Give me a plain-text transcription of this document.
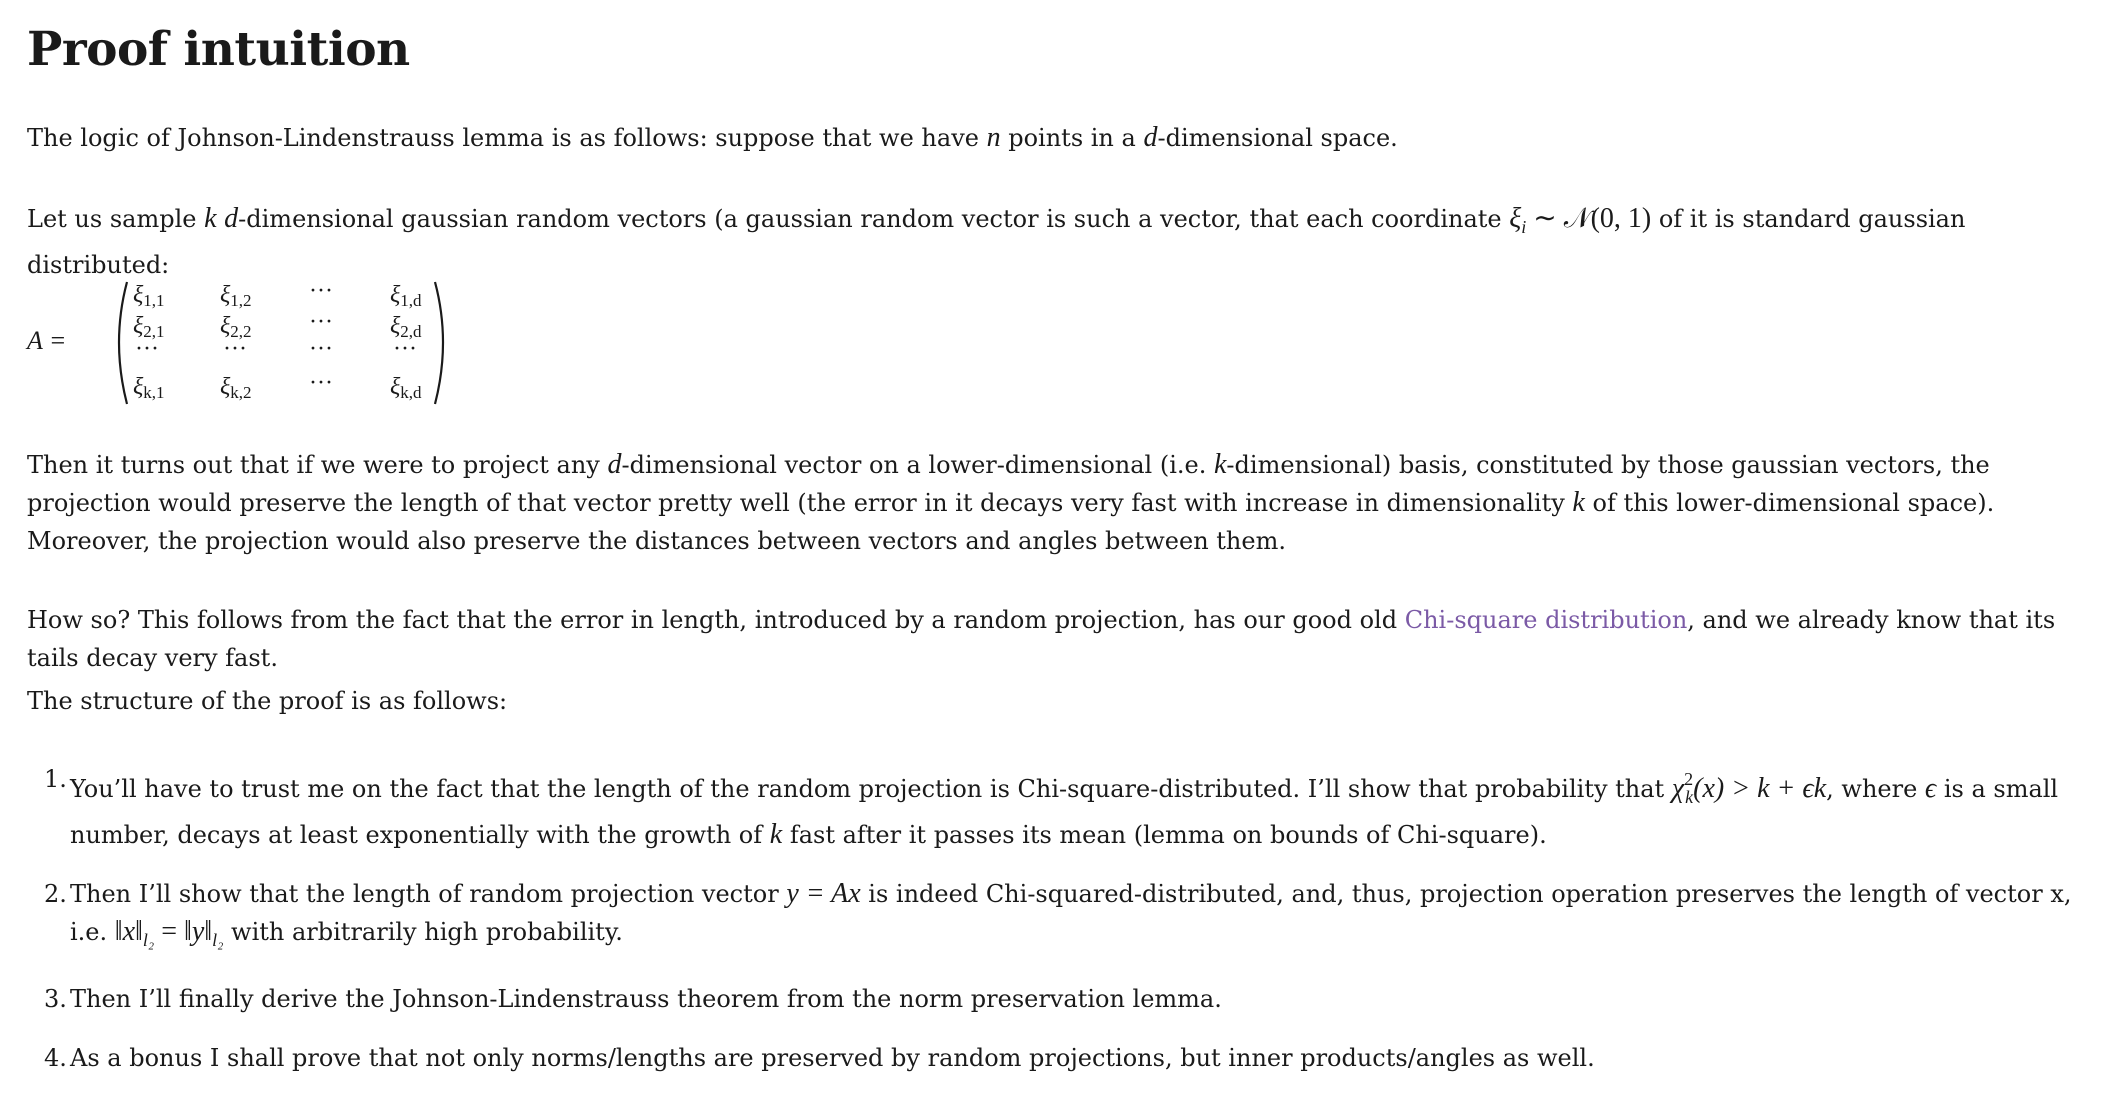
Proof intuition

The logic of Johnson-Lindenstrauss lemma is as follows: suppose that we have n points in a d-dimensional space.

Let us sample k d-dimensional gaussian random vectors (a gaussian random vector is such a vector, that each coordinate $\xi_i$ ∼ 𝒩(0, 1) of it is standard gaussian distributed:

A =
ξ1,1 ξ1,2 ··· ξ1,d
ξ2,1 ξ2,2 ··· ξ2,d
···	···	···	···
ξk,1 ξk,2 ··· ξk,d

Then it turns out that if we were to project any d-dimensional vector on a lower-dimensional (i.e. k-dimensional) basis, constituted by those gaussian vectors, the projection would preserve the length of that vector pretty well (the error in it decays very fast with increase in dimensionality k of this lower-dimensional space). Moreover, the projection would also preserve the distances between vectors and angles between them.

How so? This follows from the fact that the error in length, introduced by a random projection, has our good old Chi-square distribution, and we already know that its tails decay very fast.

The structure of the proof is as follows:

1. You’ll have to trust me on the fact that the length of the random projection is Chi-square-distributed. I’ll show that probability that $\chi^2_k(x) > k + \epsilon k$, where ϵ is a small number, decays at least exponentially with the growth of k fast after it passes its mean (lemma on bounds of Chi-square).
2. Then I’ll show that the length of random projection vector y = Ax is indeed Chi-squared-distributed, and, thus, projection operation preserves the length of vector x, i.e. $‖x‖_{l_2}$ = $‖y‖_{l_2}$ with arbitrarily high probability.
3. Then I’ll finally derive the Johnson-Lindenstrauss theorem from the norm preservation lemma.
4. As a bonus I shall prove that not only norms/lengths are preserved by random projections, but inner products/angles as well.
